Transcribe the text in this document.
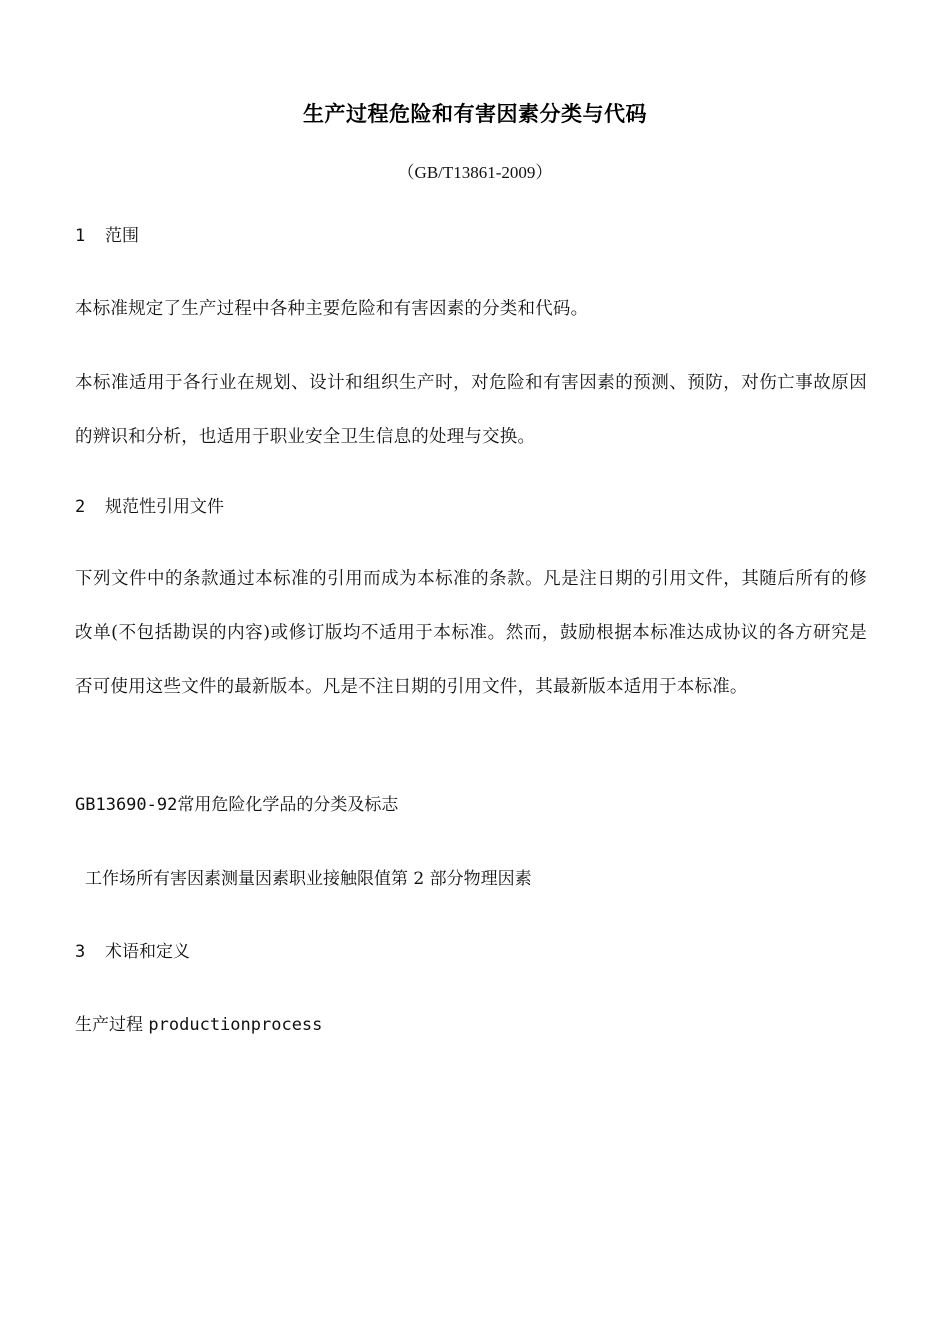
生产过程危险和有害因素分类与代码
（GB/T13861-2009）
1 范围
本标准规定了生产过程中各种主要危险和有害因素的分类和代码。
本标准适用于各行业在规划、设计和组织生产时，对危险和有害因素的预测、预防，对伤亡事故原因的辨识和分析，也适用于职业安全卫生信息的处理与交换。
2 规范性引用文件
下列文件中的条款通过本标准的引用而成为本标准的条款。凡是注日期的引用文件，其随后所有的修改单(不包括勘误的内容)或修订版均不适用于本标准。然而，鼓励根据本标准达成协议的各方研究是否可使用这些文件的最新版本。凡是不注日期的引用文件，其最新版本适用于本标准。
GB13690-92常用危险化学品的分类及标志
工作场所有害因素测量因素职业接触限值第 2 部分物理因素
3 术语和定义
生产过程 productionprocess
